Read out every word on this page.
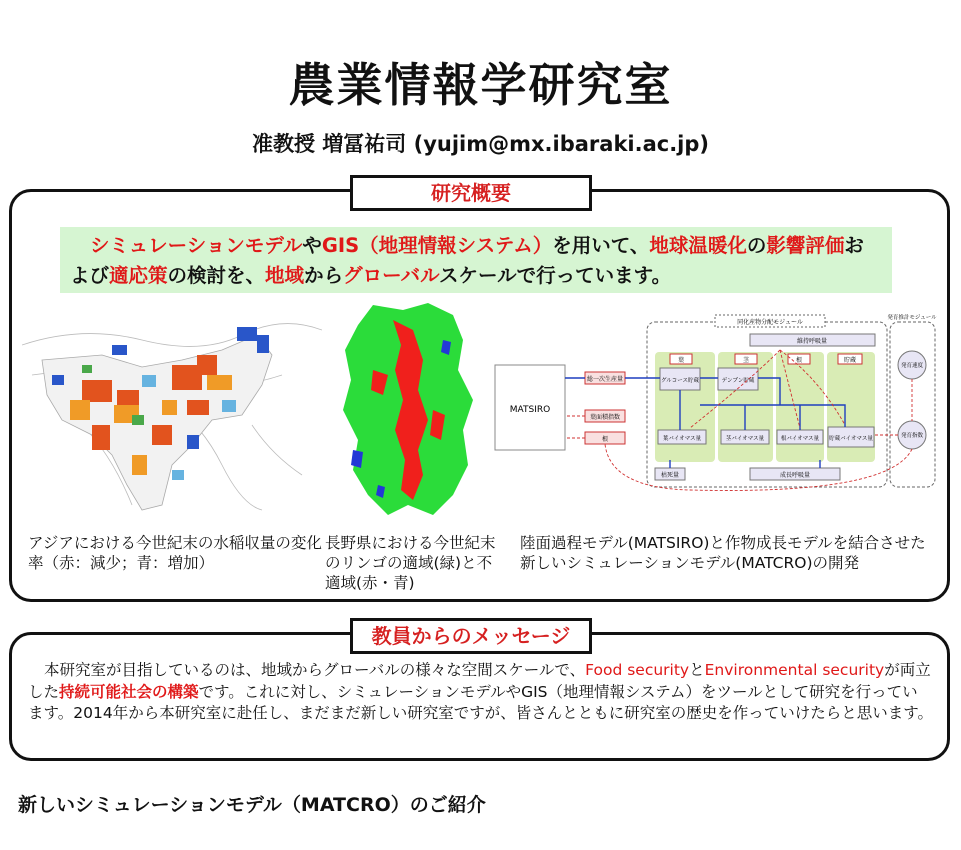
農業情報学研究室
准教授 増冨祐司 (yujim@mx.ibaraki.ac.jp)
研究概要
シミュレーションモデルやGIS（地理情報システム）を用いて、地球温暖化の影響評価および適応策の検討を、地域からグローバルスケールで行っています。
MATSIRO
同化産物分配モジュール
発育推計モジュール
維持呼吸量
葉	茎	根	貯蔵
グルコース貯蔵	デンプン貯蔵
葉バイオマス量	茎バイオマス量	根バイオマス量 貯蔵バイオマス量
総一次生産量
葉面積指数
根
枯死量	成長呼吸量
発育速度
発育指数
アジアにおける今世紀末の水稲収量の変化率（赤：減少；青：増加）
長野県における今世紀末のリンゴの適域(緑)と不適域(赤・青)
陸面過程モデル(MATSIRO)と作物成長モデルを結合させた新しいシミュレーションモデル(MATCRO)の開発
教員からのメッセージ
本研究室が目指しているのは、地域からグローバルの様々な空間スケールで、Food securityとEnvironmental securityが両立した持続可能社会の構築です。これに対し、シミュレーションモデルやGIS（地理情報システム）をツールとして研究を行っています。2014年から本研究室に赴任し、まだまだ新しい研究室ですが、皆さんとともに研究室の歴史を作っていけたらと思います。
新しいシミュレーションモデル（MATCRO）のご紹介
